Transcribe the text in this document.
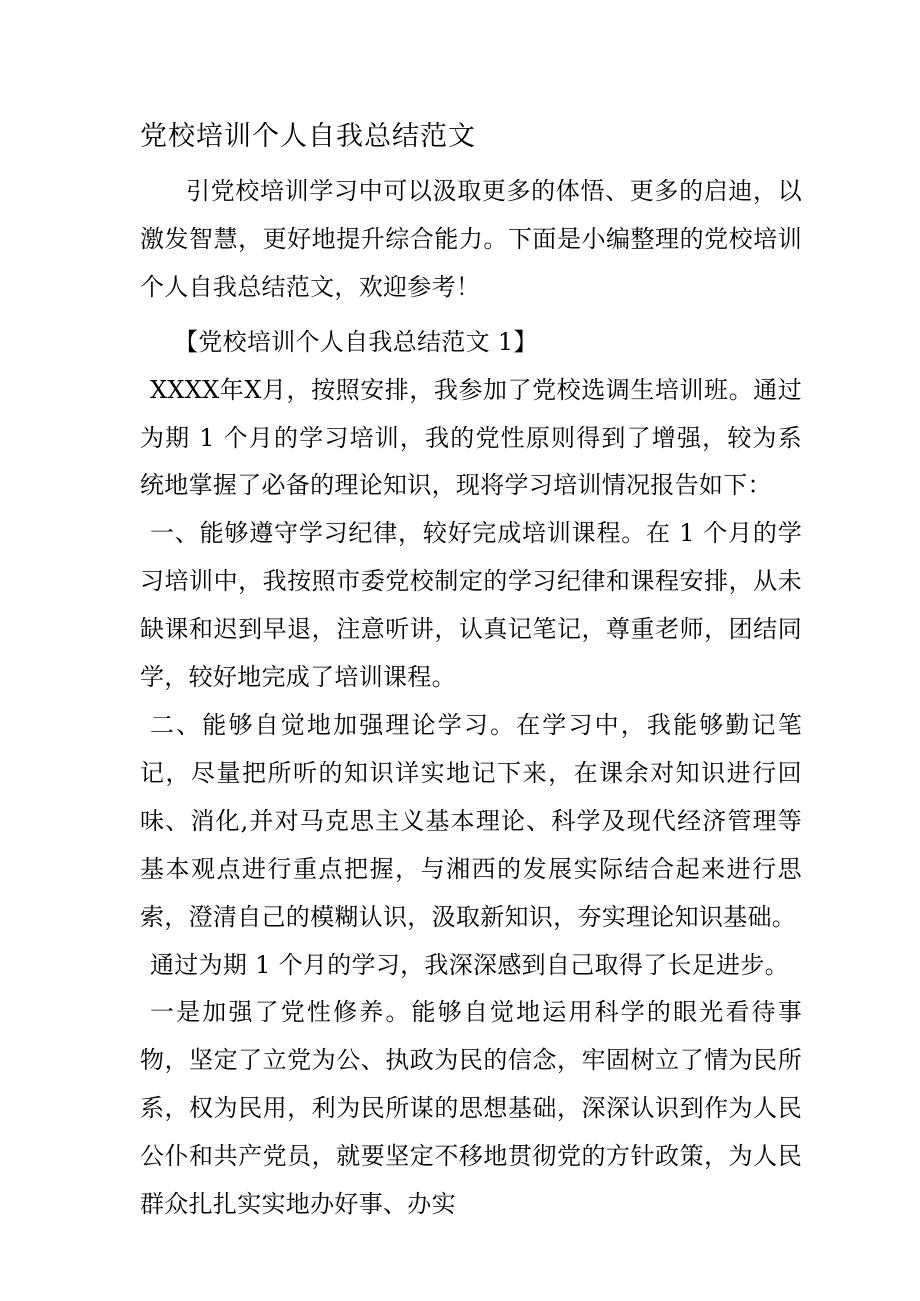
党校培训个人自我总结范文

引党校培训学习中可以汲取更多的体悟、更多的启迪，以激发智慧，更好地提升综合能力。下面是小编整理的党校培训个人自我总结范文，欢迎参考！

【党校培训个人自我总结范文 1】

XXXX年X月，按照安排，我参加了党校选调生培训班。通过为期 1 个月的学习培训，我的党性原则得到了增强，较为系统地掌握了必备的理论知识，现将学习培训情况报告如下：

一、能够遵守学习纪律，较好完成培训课程。在 1 个月的学习培训中，我按照市委党校制定的学习纪律和课程安排，从未缺课和迟到早退，注意听讲，认真记笔记，尊重老师，团结同学，较好地完成了培训课程。

二、能够自觉地加强理论学习。在学习中，我能够勤记笔记，尽量把所听的知识详实地记下来，在课余对知识进行回味、消化,并对马克思主义基本理论、科学及现代经济管理等基本观点进行重点把握，与湘西的发展实际结合起来进行思索，澄清自己的模糊认识，汲取新知识，夯实理论知识基础。

通过为期 1 个月的学习，我深深感到自己取得了长足进步。

一是加强了党性修养。能够自觉地运用科学的眼光看待事物，坚定了立党为公、执政为民的信念，牢固树立了情为民所系，权为民用，利为民所谋的思想基础，深深认识到作为人民公仆和共产党员，就要坚定不移地贯彻党的方针政策，为人民群众扎扎实实地办好事、办实
